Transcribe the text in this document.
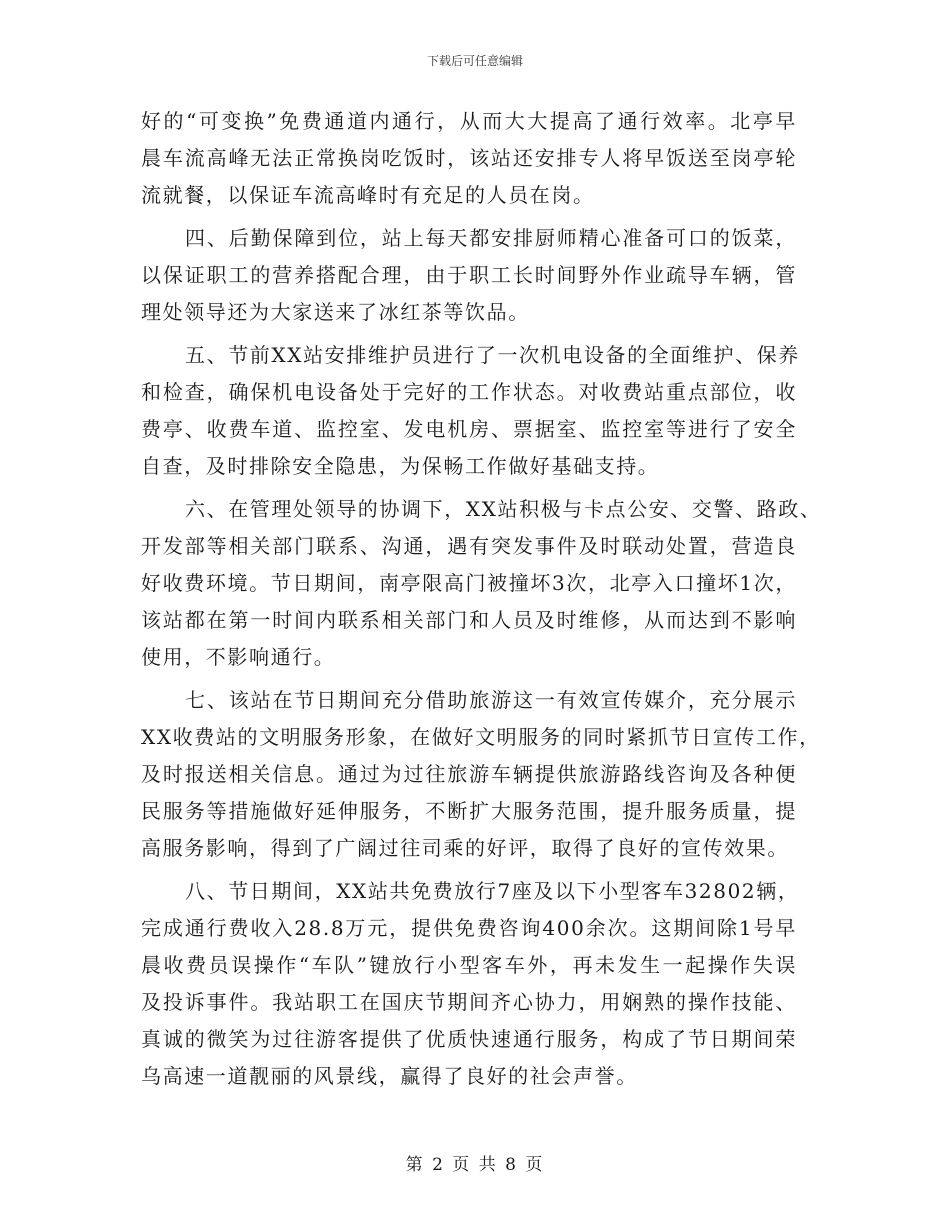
下载后可任意编辑
好的“可变换”免费通道内通行，从而大大提高了通行效率。北亭早
晨车流高峰无法正常换岗吃饭时，该站还安排专人将早饭送至岗亭轮
流就餐，以保证车流高峰时有充足的人员在岗。
四、后勤保障到位，站上每天都安排厨师精心准备可口的饭菜，
以保证职工的营养搭配合理，由于职工长时间野外作业疏导车辆，管
理处领导还为大家送来了冰红茶等饮品。
五、节前XX站安排维护员进行了一次机电设备的全面维护、保养
和检查，确保机电设备处于完好的工作状态。对收费站重点部位，收
费亭、收费车道、监控室、发电机房、票据室、监控室等进行了安全
自查，及时排除安全隐患，为保畅工作做好基础支持。
六、在管理处领导的协调下，XX站积极与卡点公安、交警、路政、
开发部等相关部门联系、沟通，遇有突发事件及时联动处置，营造良
好收费环境。节日期间，南亭限高门被撞坏3次，北亭入口撞坏1次，
该站都在第一时间内联系相关部门和人员及时维修，从而达到不影响
使用，不影响通行。
七、该站在节日期间充分借助旅游这一有效宣传媒介，充分展示
XX收费站的文明服务形象，在做好文明服务的同时紧抓节日宣传工作，
及时报送相关信息。通过为过往旅游车辆提供旅游路线咨询及各种便
民服务等措施做好延伸服务，不断扩大服务范围，提升服务质量，提
高服务影响，得到了广阔过往司乘的好评，取得了良好的宣传效果。
八、节日期间，XX站共免费放行7座及以下小型客车32802辆，
完成通行费收入28.8万元，提供免费咨询400余次。这期间除1号早
晨收费员误操作“车队”键放行小型客车外，再未发生一起操作失误
及投诉事件。我站职工在国庆节期间齐心协力，用娴熟的操作技能、
真诚的微笑为过往游客提供了优质快速通行服务，构成了节日期间荣
乌高速一道靓丽的风景线，赢得了良好的社会声誉。
第 2 页 共 8 页
